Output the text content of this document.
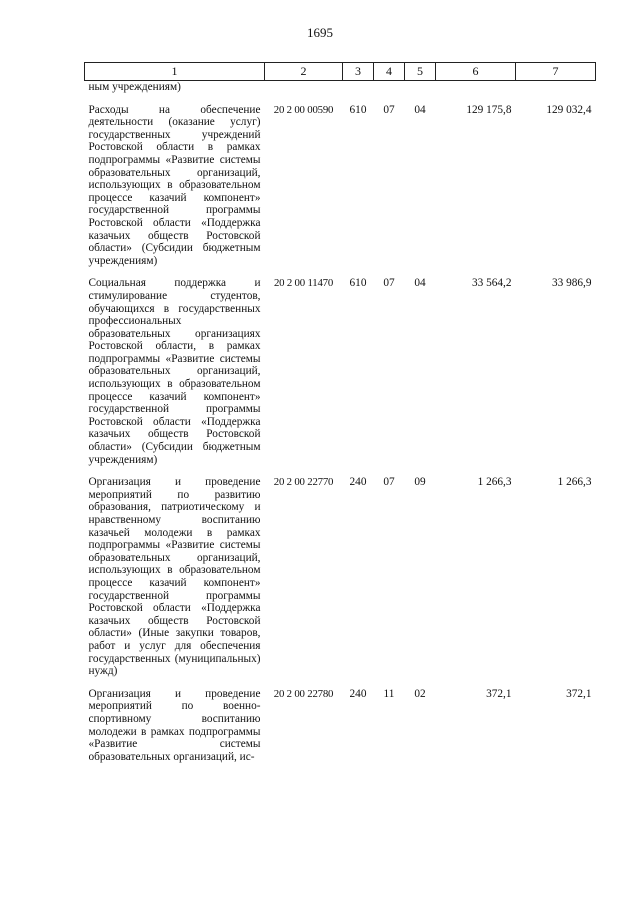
1695
1	2	3	4	5	6	7
ным учреждениям)						

Расходы на обеспечение деятельности (оказание услуг) государственных учреждений Ростовской области в рамках подпрограммы «Развитие системы образовательных организаций, использующих в образовательном процессе казачий компонент» государственной программы Ростовской области «Поддержка казачьих обществ Ростовской области» (Субсидии бюджетным учреждениям)	20 2 00 00590	610	07	04	129 175,8	129 032,4

Социальная поддержка и стимулирование студентов, обучающихся в государственных профессиональных образовательных организациях Ростовской области, в рамках подпрограммы «Развитие системы образовательных организаций, использующих в образовательном процессе казачий компонент» государственной программы Ростовской области «Поддержка казачьих обществ Ростовской области» (Субсидии бюджетным учреждениям)	20 2 00 11470	610	07	04	33 564,2	33 986,9

Организация и проведение мероприятий по развитию образования, патриотическому и нравственному воспитанию казачьей молодежи в рамках подпрограммы «Развитие системы образовательных организаций, использующих в образовательном процессе казачий компонент» государственной программы Ростовской области «Поддержка казачьих обществ Ростовской области» (Иные закупки товаров, работ и услуг для обеспечения государственных (муниципальных) нужд)	20 2 00 22770	240	07	09	1 266,3	1 266,3

Организация и проведение мероприятий по военно-спортивному воспитанию молодежи в рамках подпрограммы «Развитие системы образовательных организаций, ис-	20 2 00 22780	240	11	02	372,1	372,1
